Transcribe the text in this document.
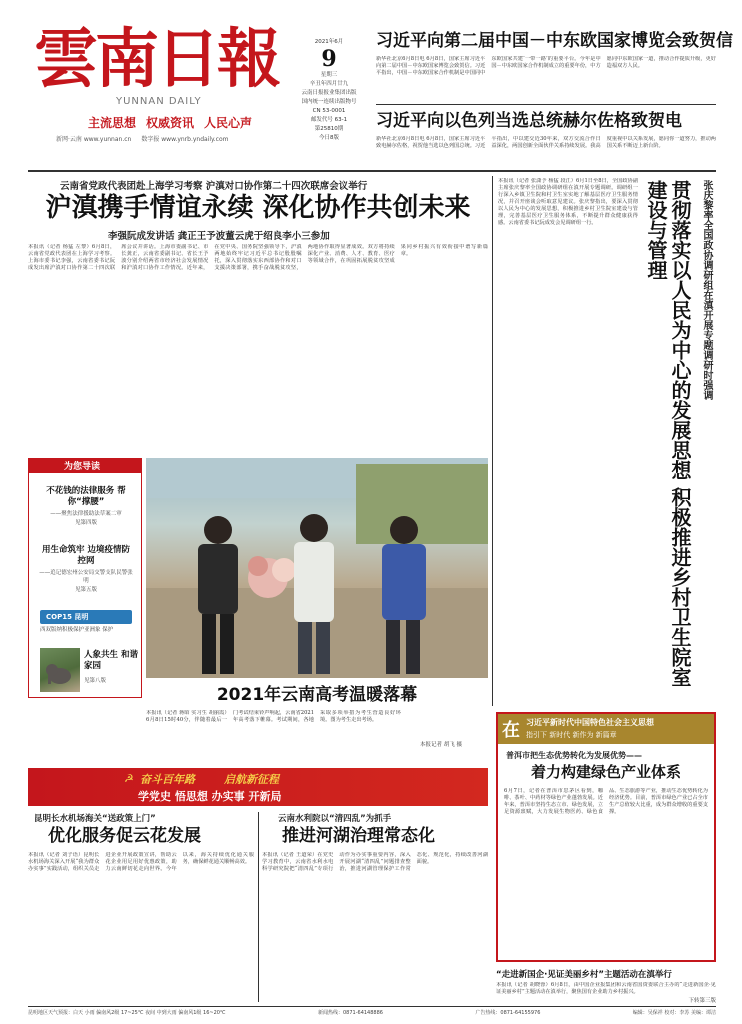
雲南日報
YUNNAN DAILY
主流思想 权威资讯 人民心声
新网·云南 www.yunnan.cn 数字报 www.ynrb.yndaily.com
2021年6月
9
星期三
辛丑年四月廿九
云南日报报业集团出版
国内统一连续出版物号
CN 53-0001
邮发代号 63-1
第25810期
今日8版
习近平向第二届中国－中东欧国家博览会致贺信
新华社北京6月8日电 6月8日，国家主席习近平向第二届中国－中东欧国家博览会致贺信。习近平指出，中国－中东欧国家合作机制是中国同中东欧国家共建‘一带一路’的重要平台。今年是中国－中东欧国家合作机制成立的重要年份，中方愿同中东欧国家一道，推动合作提质升级，更好造福双方人民。
习近平向以色列当选总统赫尔佐格致贺电
新华社北京6月8日电 6月8日，国家主席习近平致电赫尔佐格，祝贺他当选以色列国总统。习近平指出，中以建交近30年来，双方交流合作日益深化，两国创新全面伙伴关系持续发展。我高度重视中以关系发展，愿同你一道努力，推动两国关系不断迈上新台阶。
云南省党政代表团赴上海学习考察 沪滇对口协作第二十四次联席会议举行
沪滇携手情谊永续 深化协作共创未来
李强阮成发讲话 龚正王予波董云虎于绍良李小三参加
本报讯（记者 杨猛 左黎）6月8日，云南省党政代表团在上海学习考察。上海市委书记李强，云南省委书记阮成发出席沪滇对口协作第二十四次联席会议并讲话。上海市委副书记、市长龚正，云南省委副书记、省长王予波分别介绍两省市经济社会发展情况和沪滇对口协作工作情况。近年来，在党中央、国务院坚强领导下，沪滇两地始终牢记习近平总书记殷殷嘱托，深入贯彻落实东西部协作和对口支援决策部署，携手奋战脱贫攻坚，两地协作取得显著成效。双方将持续深化产业、消费、人才、教育、医疗等领域合作，在巩固拓展脱贫攻坚成果同乡村振兴有效衔接中谱写新篇章。
本报讯（记者 张潇予 杨猛 段江）6月1日至8日，全国政协副主席张庆黎率全国政协调研组在滇开展专题调研。调研组一行深入乡镇卫生院和村卫生室实地了解基层医疗卫生服务情况，并召开座谈会听取意见建议。张庆黎指出，要深入贯彻以人民为中心的发展思想，积极推进乡村卫生院室建设与管理，完善基层医疗卫生服务体系，不断提升群众健康获得感。云南省委书记阮成发会见调研组一行。	贯彻落实以人民为中心的发展思想 积极推进乡村卫生院室建设与管理	张庆黎率全国政协调研组在滇开展专题调研时强调
为您导读
不花钱的法律服务 帮你“撑腰”
——聚焦法律援助法草案二审
见第四版
用生命筑牢 边境疫情防控网
——追记德宏州公安局交警支队民警张明
见第五版
COP15 昆明
西双版纳积极保护亚洲象 保护
人象共生 和谐家园
见第八版
2021年云南高考温暖落幕
本报讯（记者 蒋昭 实习生 胡丽霞）6月8日15时40分，伴随着最后一门考试结束铃声响起，云南省2021年高考落下帷幕。考试期间，各地采取多项举措为考生营造良好环境。图为考生走出考场。
本报记者 胡飞 摄
在 习近平新时代中国特色社会主义思想
指引下 新时代 新作为 新篇章
普洱市把生态优势转化为发展优势——
着力构建绿色产业体系
6月7日，记者在普洱市思茅区看到，咖啡、茶叶、中药材等绿色产业蓬勃发展。近年来，普洱市坚持生态立市、绿色发展，立足资源禀赋，大力发展生物医药、绿色食品、生态旅游等产业，推动生态优势转化为经济优势。目前，普洱市绿色产业已占全市生产总值较大比重，成为群众增收的重要支撑。
☭ 奋斗百年路	启航新征程
学党史 悟思想 办实事 开新局
昆明长水机场海关“送政策上门”
优化服务促云花发展
本报讯（记者 刘子语）昆明长水机场海关深入开展“我为群众办实事”实践活动，组织关员走进企业开展政策宣讲，帮助云花企业用足用好优惠政策，助力云南鲜切花走向世界。今年以来，海关持续优化通关服务，确保鲜花通关顺畅高效。
云南水利院以“清四乱”为抓手
推进河湖治理常态化
本报讯（记者 王道荣）在党史学习教育中，云南省水利水电科学研究院把“清四乱”专项行动作为办实事重要内容，深入开展河湖“清四乱”问题排查整治，推进河湖管理保护工作常态化、规范化，持续改善河湖面貌。
“走进新国企·见证美丽乡村”主题活动在滇举行
本报讯（记者 胡晓蓉）6月8日，由中国企业报集团和云南省国资委联合主办的“走进新国企·见证美丽乡村”主题活动在滇举行，聚焦国有企业助力乡村振兴。
下转第三版
昆明地区天气预报：白天 小雨 偏南风2级 17~25℃ 夜间 中到大雨 偏南风1级 16~20℃	新闻热线：0871-64148886	广告热线：0871-64155976	编辑：吴保祥 校对：李苏 美编：谭洁
